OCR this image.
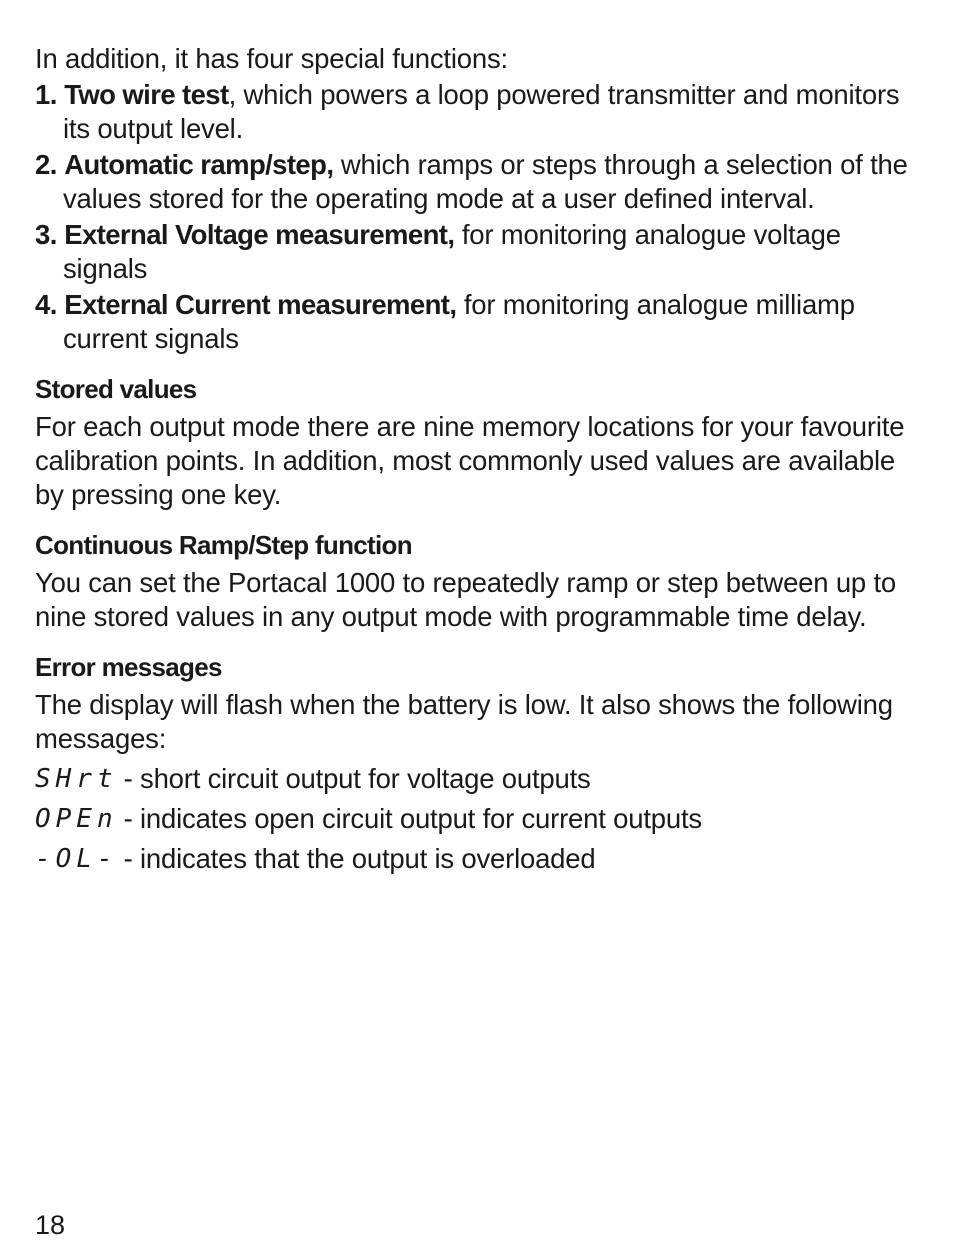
In addition, it has four special functions:

1. Two wire test, which powers a loop powered transmitter and monitors its output level.
2. Automatic ramp/step, which ramps or steps through a selection of the values stored for the operating mode at a user defined interval.
3. External Voltage measurement, for monitoring analogue voltage signals
4. External Current measurement, for monitoring analogue milliamp current signals
Stored values

For each output mode there are nine memory locations for your favourite calibration points. In addition, most commonly used values are available by pressing one key.

Continuous Ramp/Step function

You can set the Portacal 1000 to repeatedly ramp or step between up to nine stored values in any output mode with programmable time delay.

Error messages

The display will flash when the battery is low. It also shows the following messages:

SHrt - short circuit output for voltage outputs
OPEn - indicates open circuit output for current outputs
-OL- - indicates that the output is overloaded
18
